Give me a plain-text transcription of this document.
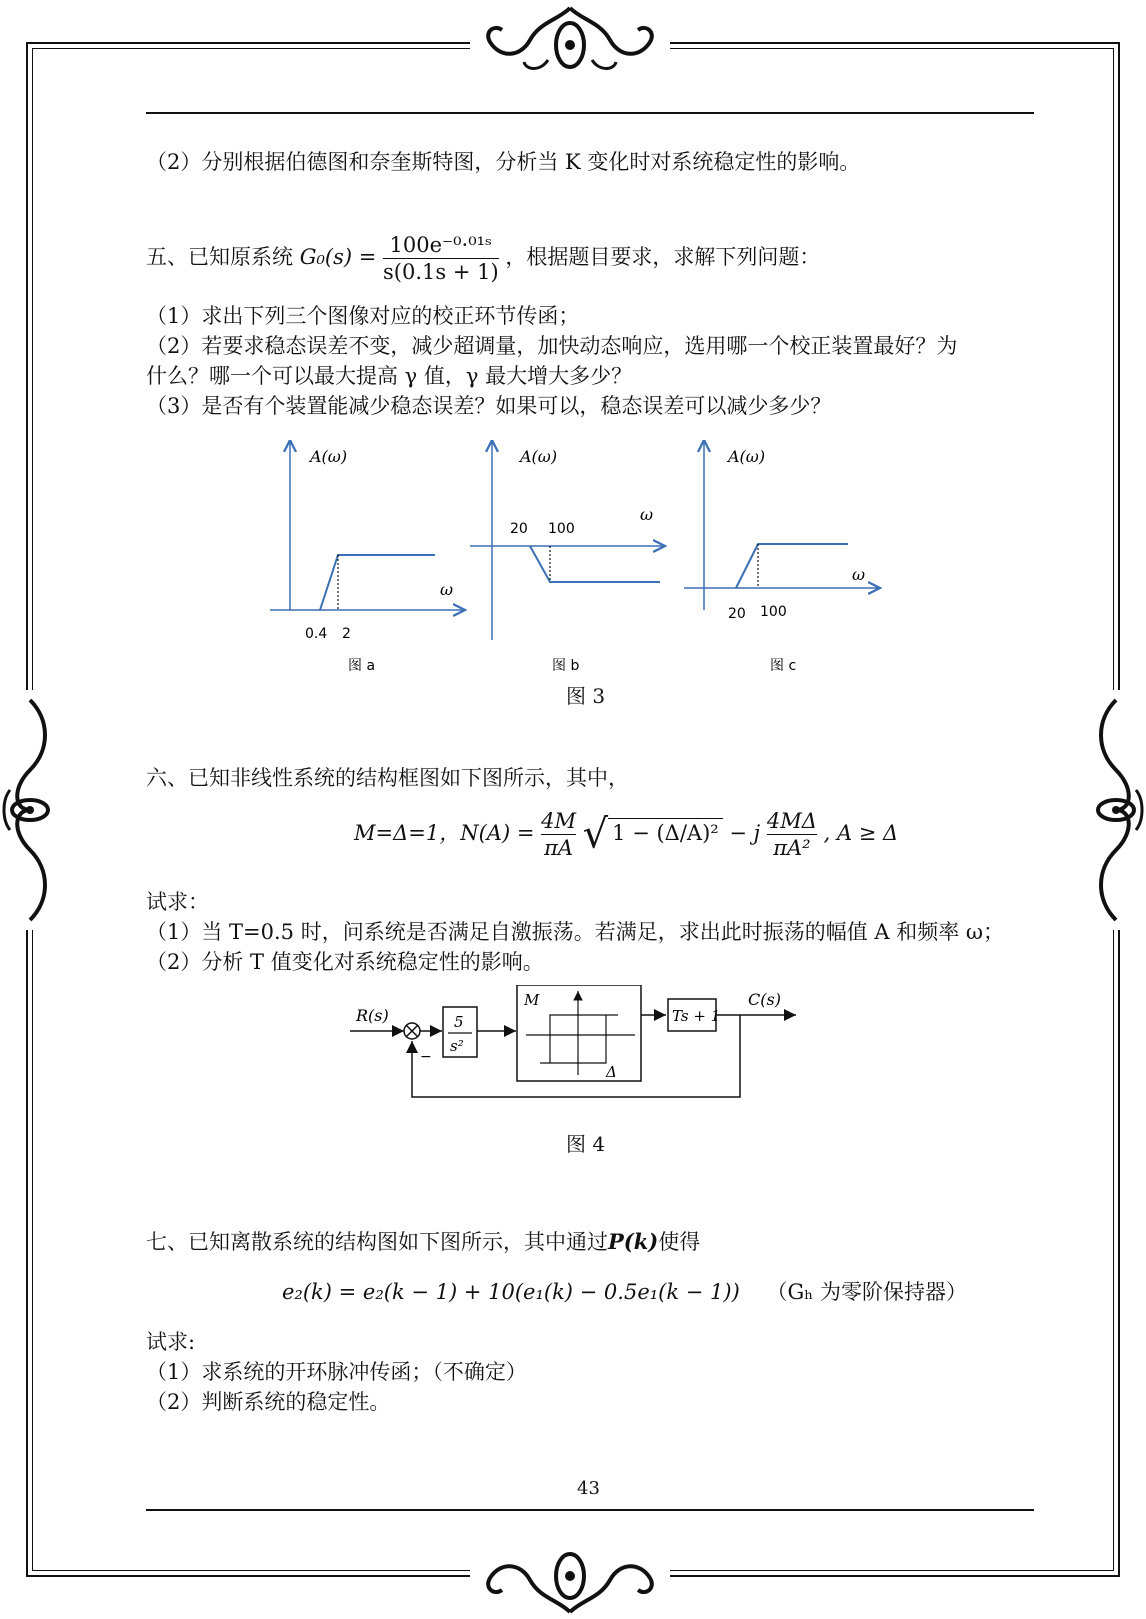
（2）分别根据伯德图和奈奎斯特图，分析当 K 变化时对系统稳定性的影响。
五、已知原系统 $G_0(s) = \frac{\text{100e⁻⁰·⁰¹ˢ}}{s(0.1s + 1)}$ ，根据题目要求，求解下列问题：
（1）求出下列三个图像对应的校正环节传函；
（2）若要求稳态误差不变，减少超调量，加快动态响应，选用哪一个校正装置最好？为
什么？哪一个可以最大提高 γ 值，γ 最大增大多少？
（3）是否有个装置能减少稳态误差？如果可以，稳态误差可以减少多少？
A(ω)
ω
0.4 2
图 a
A(ω)
ω
20 100
图 b
A(ω)
ω
20 100
图 c
图 3
六、已知非线性系统的结构框图如下图所示，其中，
M=Δ=1，$N(A) = \frac{4M}{\pi A}$ √ 1 − (Δ/A)² − j $\frac{4M\Delta}{\text{πA²}}$ , A ≥ Δ
试求：
（1）当 T=0.5 时，问系统是否满足自激振荡。若满足，求出此时振荡的幅值 A 和频率 ω；
（2）分析 T 值变化对系统稳定性的影响。
R(s)
−
5
s²
M
Δ
Ts + 1
C(s)
图 4
七、已知离散系统的结构图如下图所示，其中通过P(k)使得
e₂(k) = e₂(k − 1) + 10(e₁(k) − 0.5e₁(k − 1)) （Gₕ 为零阶保持器）
试求:
（1）求系统的开环脉冲传函；（不确定）
（2）判断系统的稳定性。
43
